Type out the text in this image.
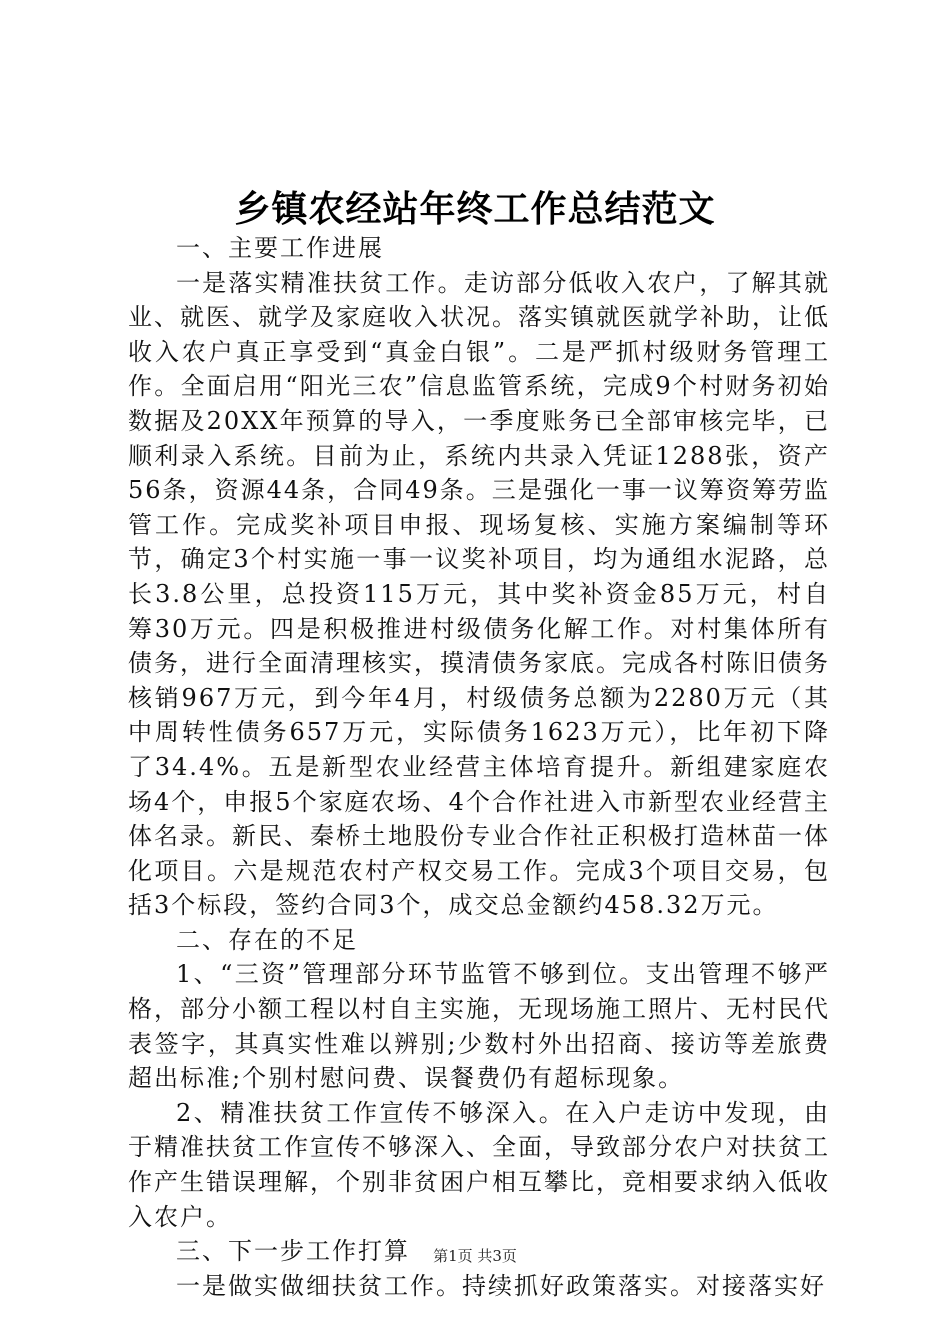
乡镇农经站年终工作总结范文

一、主要工作进展

一是落实精准扶贫工作。走访部分低收入农户，了解其就业、就医、就学及家庭收入状况。落实镇就医就学补助，让低收入农户真正享受到“真金白银”。二是严抓村级财务管理工作。全面启用“阳光三农”信息监管系统，完成9个村财务初始数据及20XX年预算的导入，一季度账务已全部审核完毕，已顺利录入系统。目前为止，系统内共录入凭证1288张，资产56条，资源44条，合同49条。三是强化一事一议筹资筹劳监管工作。完成奖补项目申报、现场复核、实施方案编制等环节，确定3个村实施一事一议奖补项目，均为通组水泥路，总长3.8公里，总投资115万元，其中奖补资金85万元，村自筹30万元。四是积极推进村级债务化解工作。对村集体所有债务，进行全面清理核实，摸清债务家底。完成各村陈旧债务核销967万元，到今年4月，村级债务总额为2280万元（其中周转性债务657万元，实际债务1623万元），比年初下降了34.4%。五是新型农业经营主体培育提升。新组建家庭农场4个，申报5个家庭农场、4个合作社进入市新型农业经营主体名录。新民、秦桥土地股份专业合作社正积极打造林苗一体化项目。六是规范农村产权交易工作。完成3个项目交易，包括3个标段，签约合同3个，成交总金额约458.32万元。

二、存在的不足

1、“三资”管理部分环节监管不够到位。支出管理不够严格，部分小额工程以村自主实施，无现场施工照片、无村民代表签字，其真实性难以辨别;少数村外出招商、接访等差旅费超出标准;个别村慰问费、误餐费仍有超标现象。

2、精准扶贫工作宣传不够深入。在入户走访中发现，由于精准扶贫工作宣传不够深入、全面，导致部分农户对扶贫工作产生错误理解，个别非贫困户相互攀比，竞相要求纳入低收入农户。

三、下一步工作打算

一是做实做细扶贫工作。持续抓好政策落实。对接落实好

第1页 共3页
